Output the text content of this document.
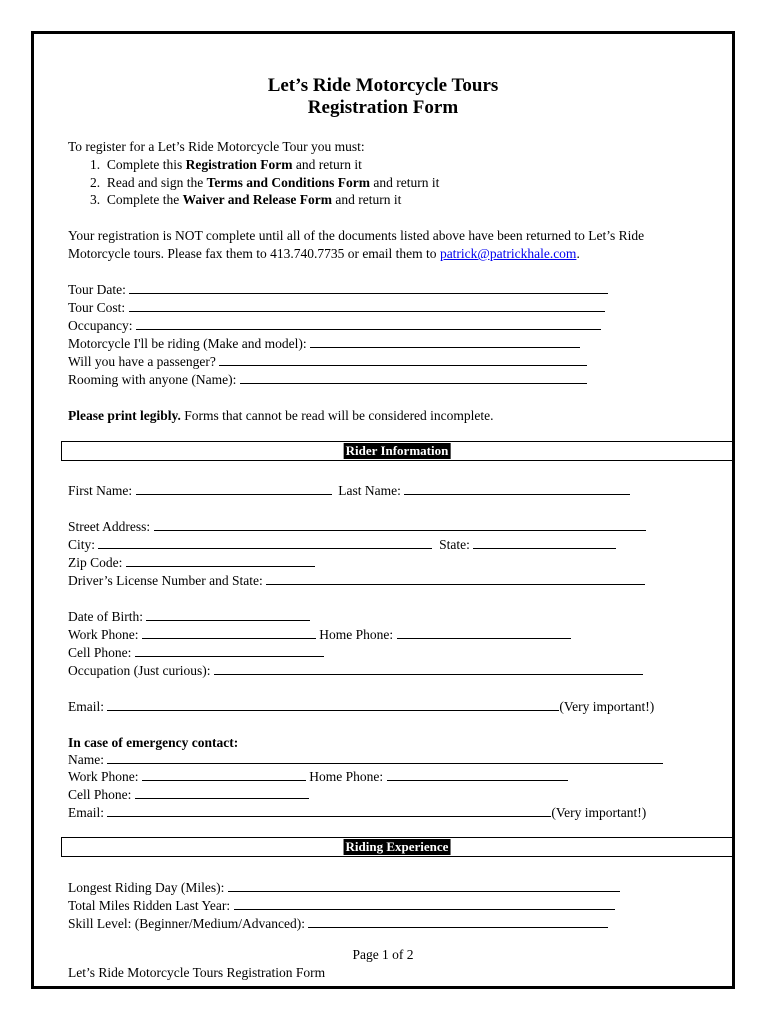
Let’s Ride Motorcycle Tours
Registration Form
To register for a Let’s Ride Motorcycle Tour you must:
1. Complete this Registration Form and return it
2. Read and sign the Terms and Conditions Form and return it
3. Complete the Waiver and Release Form and return it
Your registration is NOT complete until all of the documents listed above have been returned to Let’s Ride
Motorcycle tours. Please fax them to 413.740.7735 or email them to patrick@patrickhale.com.
Tour Date:
Tour Cost:
Occupancy:
Motorcycle I'll be riding (Make and model):
Will you have a passenger?
Rooming with anyone (Name):
Please print legibly. Forms that cannot be read will be considered incomplete.
Rider Information
First Name:	Last Name:
Street Address:
City:	State:
Zip Code:
Driver’s License Number and State:
Date of Birth:
Work Phone:	Home Phone:
Cell Phone:
Occupation (Just curious):
Email:	(Very important!)
In case of emergency contact:
Name:
Work Phone:	Home Phone:
Cell Phone:
Email:	(Very important!)
Riding Experience
Longest Riding Day (Miles):
Total Miles Ridden Last Year:
Skill Level: (Beginner/Medium/Advanced):
Page 1 of 2
Let’s Ride Motorcycle Tours Registration Form
